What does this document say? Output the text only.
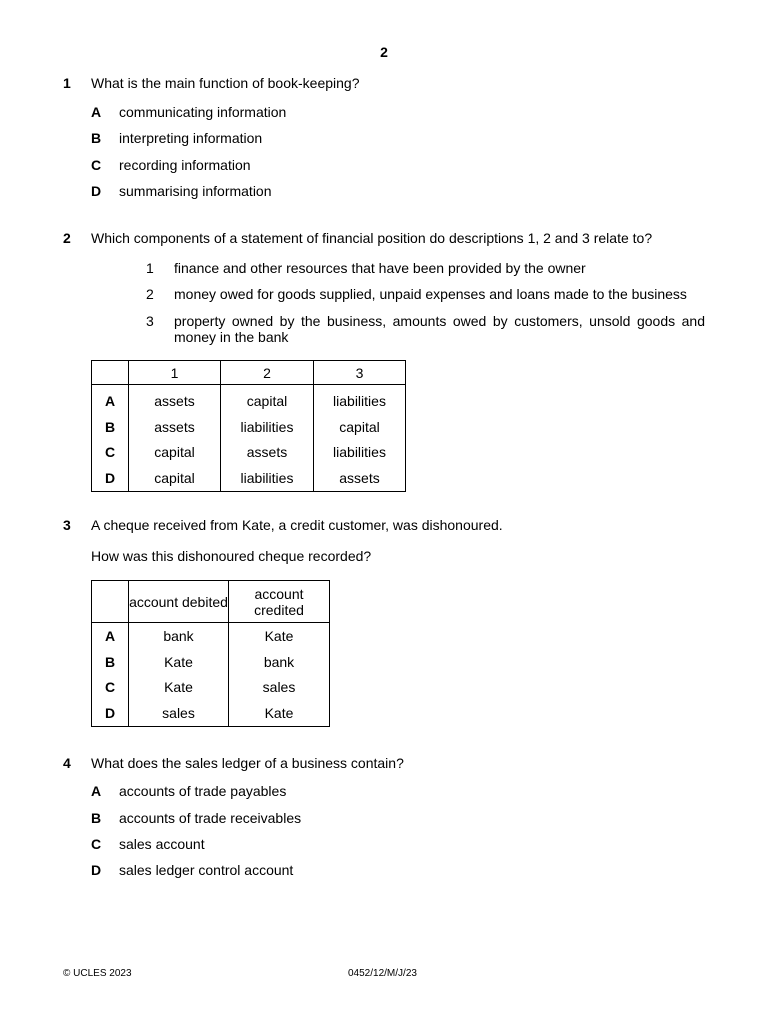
2
1 What is the main function of book-keeping?
A communicating information
B interpreting information
C recording information
D summarising information
2 Which components of a statement of financial position do descriptions 1, 2 and 3 relate to?
1 finance and other resources that have been provided by the owner
2 money owed for goods supplied, unpaid expenses and loans made to the business
3 property owned by the business, amounts owed by customers, unsold goods and money in the bank
	1	2	3
A	assets	capital	liabilities
B	assets	liabilities	capital
C	capital	assets	liabilities
D	capital	liabilities	assets
3 A cheque received from Kate, a credit customer, was dishonoured.
How was this dishonoured cheque recorded?
	account debited	account credited
A	bank	Kate
B	Kate	bank
C	Kate	sales
D	sales	Kate
4 What does the sales ledger of a business contain?
A accounts of trade payables
B accounts of trade receivables
C sales account
D sales ledger control account
© UCLES 2023	0452/12/M/J/23
